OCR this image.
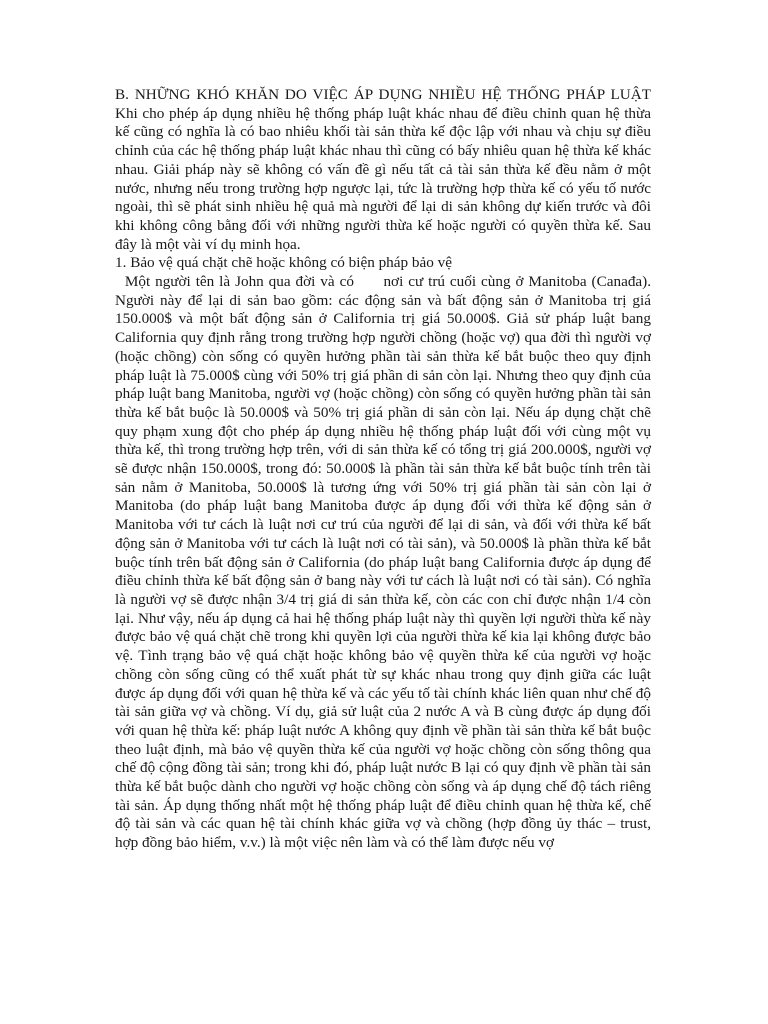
B. NHỮNG KHÓ KHĂN DO VIỆC ÁP DỤNG NHIỀU HỆ THỐNG PHÁP LUẬT Khi cho phép áp dụng nhiều hệ thống pháp luật khác nhau để điều chỉnh quan hệ thừa kế cũng có nghĩa là có bao nhiêu khối tài sản thừa kế độc lập với nhau và chịu sự điều chỉnh của các hệ thống pháp luật khác nhau thì cũng có bấy nhiêu quan hệ thừa kế khác nhau. Giải pháp này sẽ không có vấn đề gì nếu tất cả tài sản thừa kế đều nằm ở một nước, nhưng nếu trong trường hợp ngược lại, tức là trường hợp thừa kế có yếu tố nước ngoài, thì sẽ phát sinh nhiều hệ quả mà người để lại di sản không dự kiến trước và đôi khi không công bằng đối với những người thừa kế hoặc người có quyền thừa kế. Sau đây là một vài ví dụ minh họa.

1. Bảo vệ quá chặt chẽ hoặc không có biện pháp bảo vệ

Một người tên là John qua đời và có      nơi cư trú cuối cùng ở Manitoba (Canađa). Người này để lại di sản bao gồm: các động sản và bất động sản ở Manitoba trị giá 150.000$ và một bất động sản ở California trị giá 50.000$. Giả sử pháp luật bang California quy định rằng trong trường hợp người chồng (hoặc vợ) qua đời thì người vợ (hoặc chồng) còn sống có quyền hưởng phần tài sản thừa kế bắt buộc theo quy định pháp luật là 75.000$ cùng với 50% trị giá phần di sản còn lại. Nhưng theo quy định của pháp luật bang Manitoba, người vợ (hoặc chồng) còn sống có quyền hưởng phần tài sản thừa kế bắt buộc là 50.000$ và 50% trị giá phần di sản còn lại. Nếu áp dụng chặt chẽ quy phạm xung đột cho phép áp dụng nhiều hệ thống pháp luật đối với cùng một vụ thừa kế, thì trong trường hợp trên, với di sản thừa kế có tổng trị giá 200.000$, người vợ sẽ được nhận 150.000$, trong đó: 50.000$ là phần tài sản thừa kế bắt buộc tính trên tài sản nằm ở Manitoba, 50.000$ là tương ứng với 50% trị giá phần tài sản còn lại ở Manitoba (do pháp luật bang Manitoba được áp dụng đối với thừa kế động sản ở Manitoba với tư cách là luật nơi cư trú của người để lại di sản, và đối với thừa kế bất động sản ở Manitoba với tư cách là luật nơi có tài sản), và 50.000$ là phần thừa kế bắt buộc tính trên bất động sản ở California (do pháp luật bang California được áp dụng để điều chỉnh thừa kế bất động sản ở bang này với tư cách là luật nơi có tài sản). Có nghĩa là người vợ sẽ được nhận 3/4 trị giá di sản thừa kế, còn các con chỉ được nhận 1/4 còn lại. Như vậy, nếu áp dụng cả hai hệ thống pháp luật này thì quyền lợi người thừa kế này được bảo vệ quá chặt chẽ trong khi quyền lợi của người thừa kế kia lại không được bảo vệ. Tình trạng bảo vệ quá chặt hoặc không bảo vệ quyền thừa kế của người vợ hoặc chồng còn sống cũng có thể xuất phát từ sự khác nhau trong quy định giữa các luật được áp dụng đối với quan hệ thừa kế và các yếu tố tài chính khác liên quan như chế độ tài sản giữa vợ và chồng. Ví dụ, giả sử luật của 2 nước A và B cùng được áp dụng đối với quan hệ thừa kế: pháp luật nước A không quy định về phần tài sản thừa kế bắt buộc theo luật định, mà bảo vệ quyền thừa kế của người vợ hoặc chồng còn sống thông qua chế độ cộng đồng tài sản; trong khi đó, pháp luật nước B lại có quy định về phần tài sản thừa kế bắt buộc dành cho người vợ hoặc chồng còn sống và áp dụng chế độ tách riêng tài sản. Áp dụng thống nhất một hệ thống pháp luật để điều chỉnh quan hệ thừa kế, chế độ tài sản và các quan hệ tài chính khác giữa vợ và chồng (hợp đồng ủy thác – trust, hợp đồng bảo hiểm, v.v.) là một việc nên làm và có thể làm được nếu vợ
